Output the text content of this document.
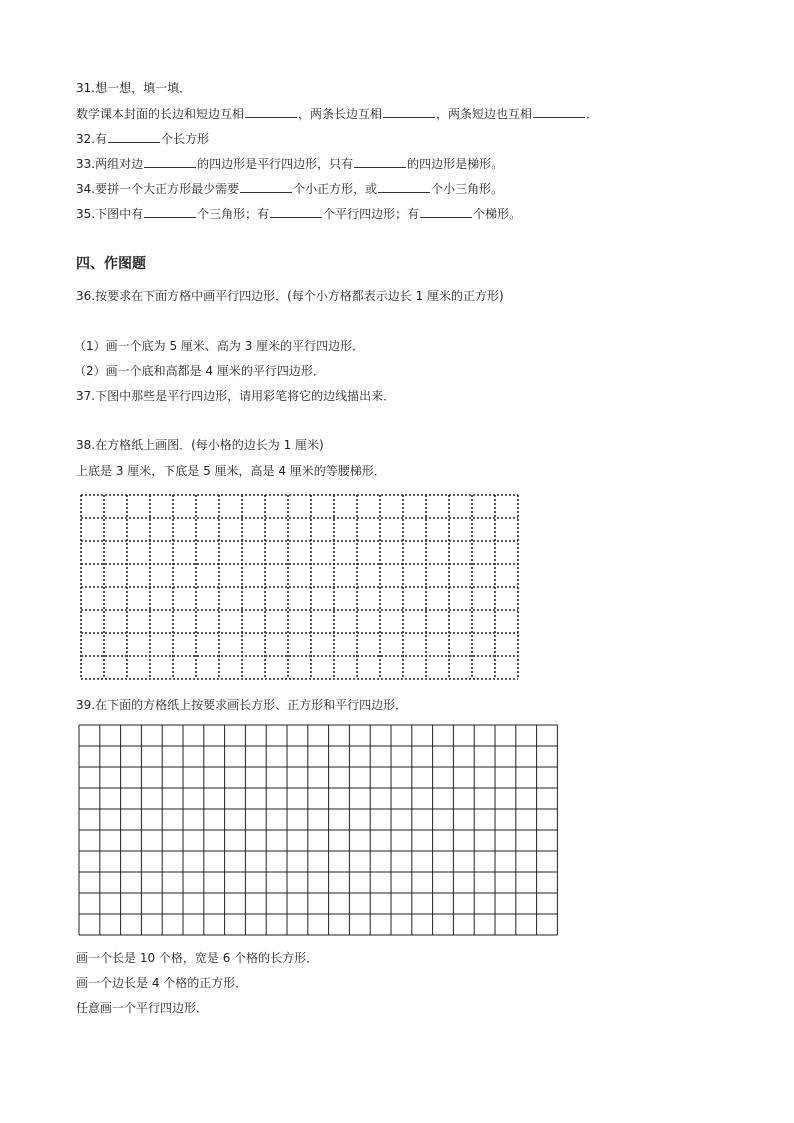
31.想一想，填一填．
数学课本封面的长边和短边互相	，两条长边互相	，两条短边也互相	．
32.有	个长方形
33.两组对边	的四边形是平行四边形，只有	的四边形是梯形。
34.要拼一个大正方形最少需要	个小正方形，或	个小三角形。
35.下图中有	个三角形；有	个平行四边形；有	个梯形。
四、作图题
36.按要求在下面方格中画平行四边形．(每个小方格都表示边长 1 厘米的正方形)
（1）画一个底为 5 厘米、高为 3 厘米的平行四边形．
（2）画一个底和高都是 4 厘米的平行四边形．
37.下图中那些是平行四边形，请用彩笔将它的边线描出来．
38.在方格纸上画图．(每小格的边长为 1 厘米)
上底是 3 厘米，下底是 5 厘米，高是 4 厘米的等腰梯形．
39.在下面的方格纸上按要求画长方形、正方形和平行四边形．
画一个长是 10 个格，宽是 6 个格的长方形．
画一个边长是 4 个格的正方形．
任意画一个平行四边形．
